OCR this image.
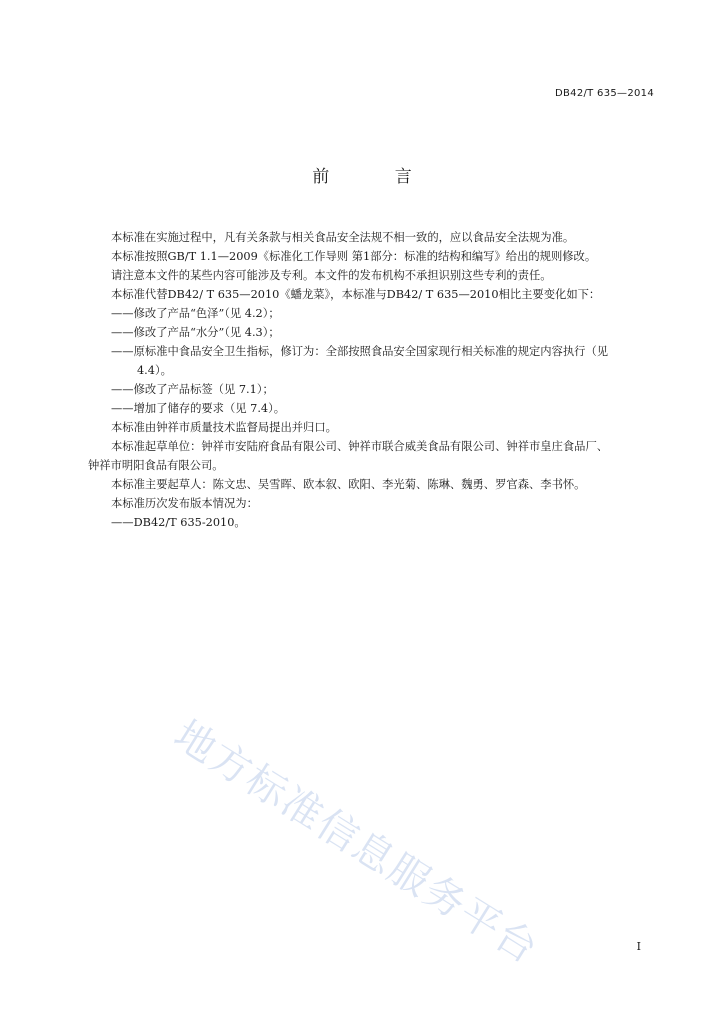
DB42/T 635—2014
前 言

本标准在实施过程中，凡有关条款与相关食品安全法规不相一致的，应以食品安全法规为准。

本标准按照GB/T 1.1—2009《标准化工作导则 第1部分：标准的结构和编写》给出的规则修改。

请注意本文件的某些内容可能涉及专利。本文件的发布机构不承担识别这些专利的责任。

本标准代替DB42/ T 635—2010《蟠龙菜》，本标准与DB42/ T 635—2010相比主要变化如下：

——修改了产品“色泽”（见 4.2）；

——修改了产品“水分”（见 4.3）；

——原标准中食品安全卫生指标，修订为：全部按照食品安全国家现行相关标准的规定内容执行（见

4.4）。

——修改了产品标签（见 7.1）；

——增加了储存的要求（见 7.4）。

本标准由钟祥市质量技术监督局提出并归口。

本标准起草单位：钟祥市安陆府食品有限公司、钟祥市联合威美食品有限公司、钟祥市皇庄食品厂、

钟祥市明阳食品有限公司。

本标准主要起草人：陈文忠、吴雪晖、欧本叙、欧阳、李光菊、陈琳、魏勇、罗官森、李书怀。

本标准历次发布版本情况为：

——DB42/T 635-2010。

地方标准信息服务平台	I
